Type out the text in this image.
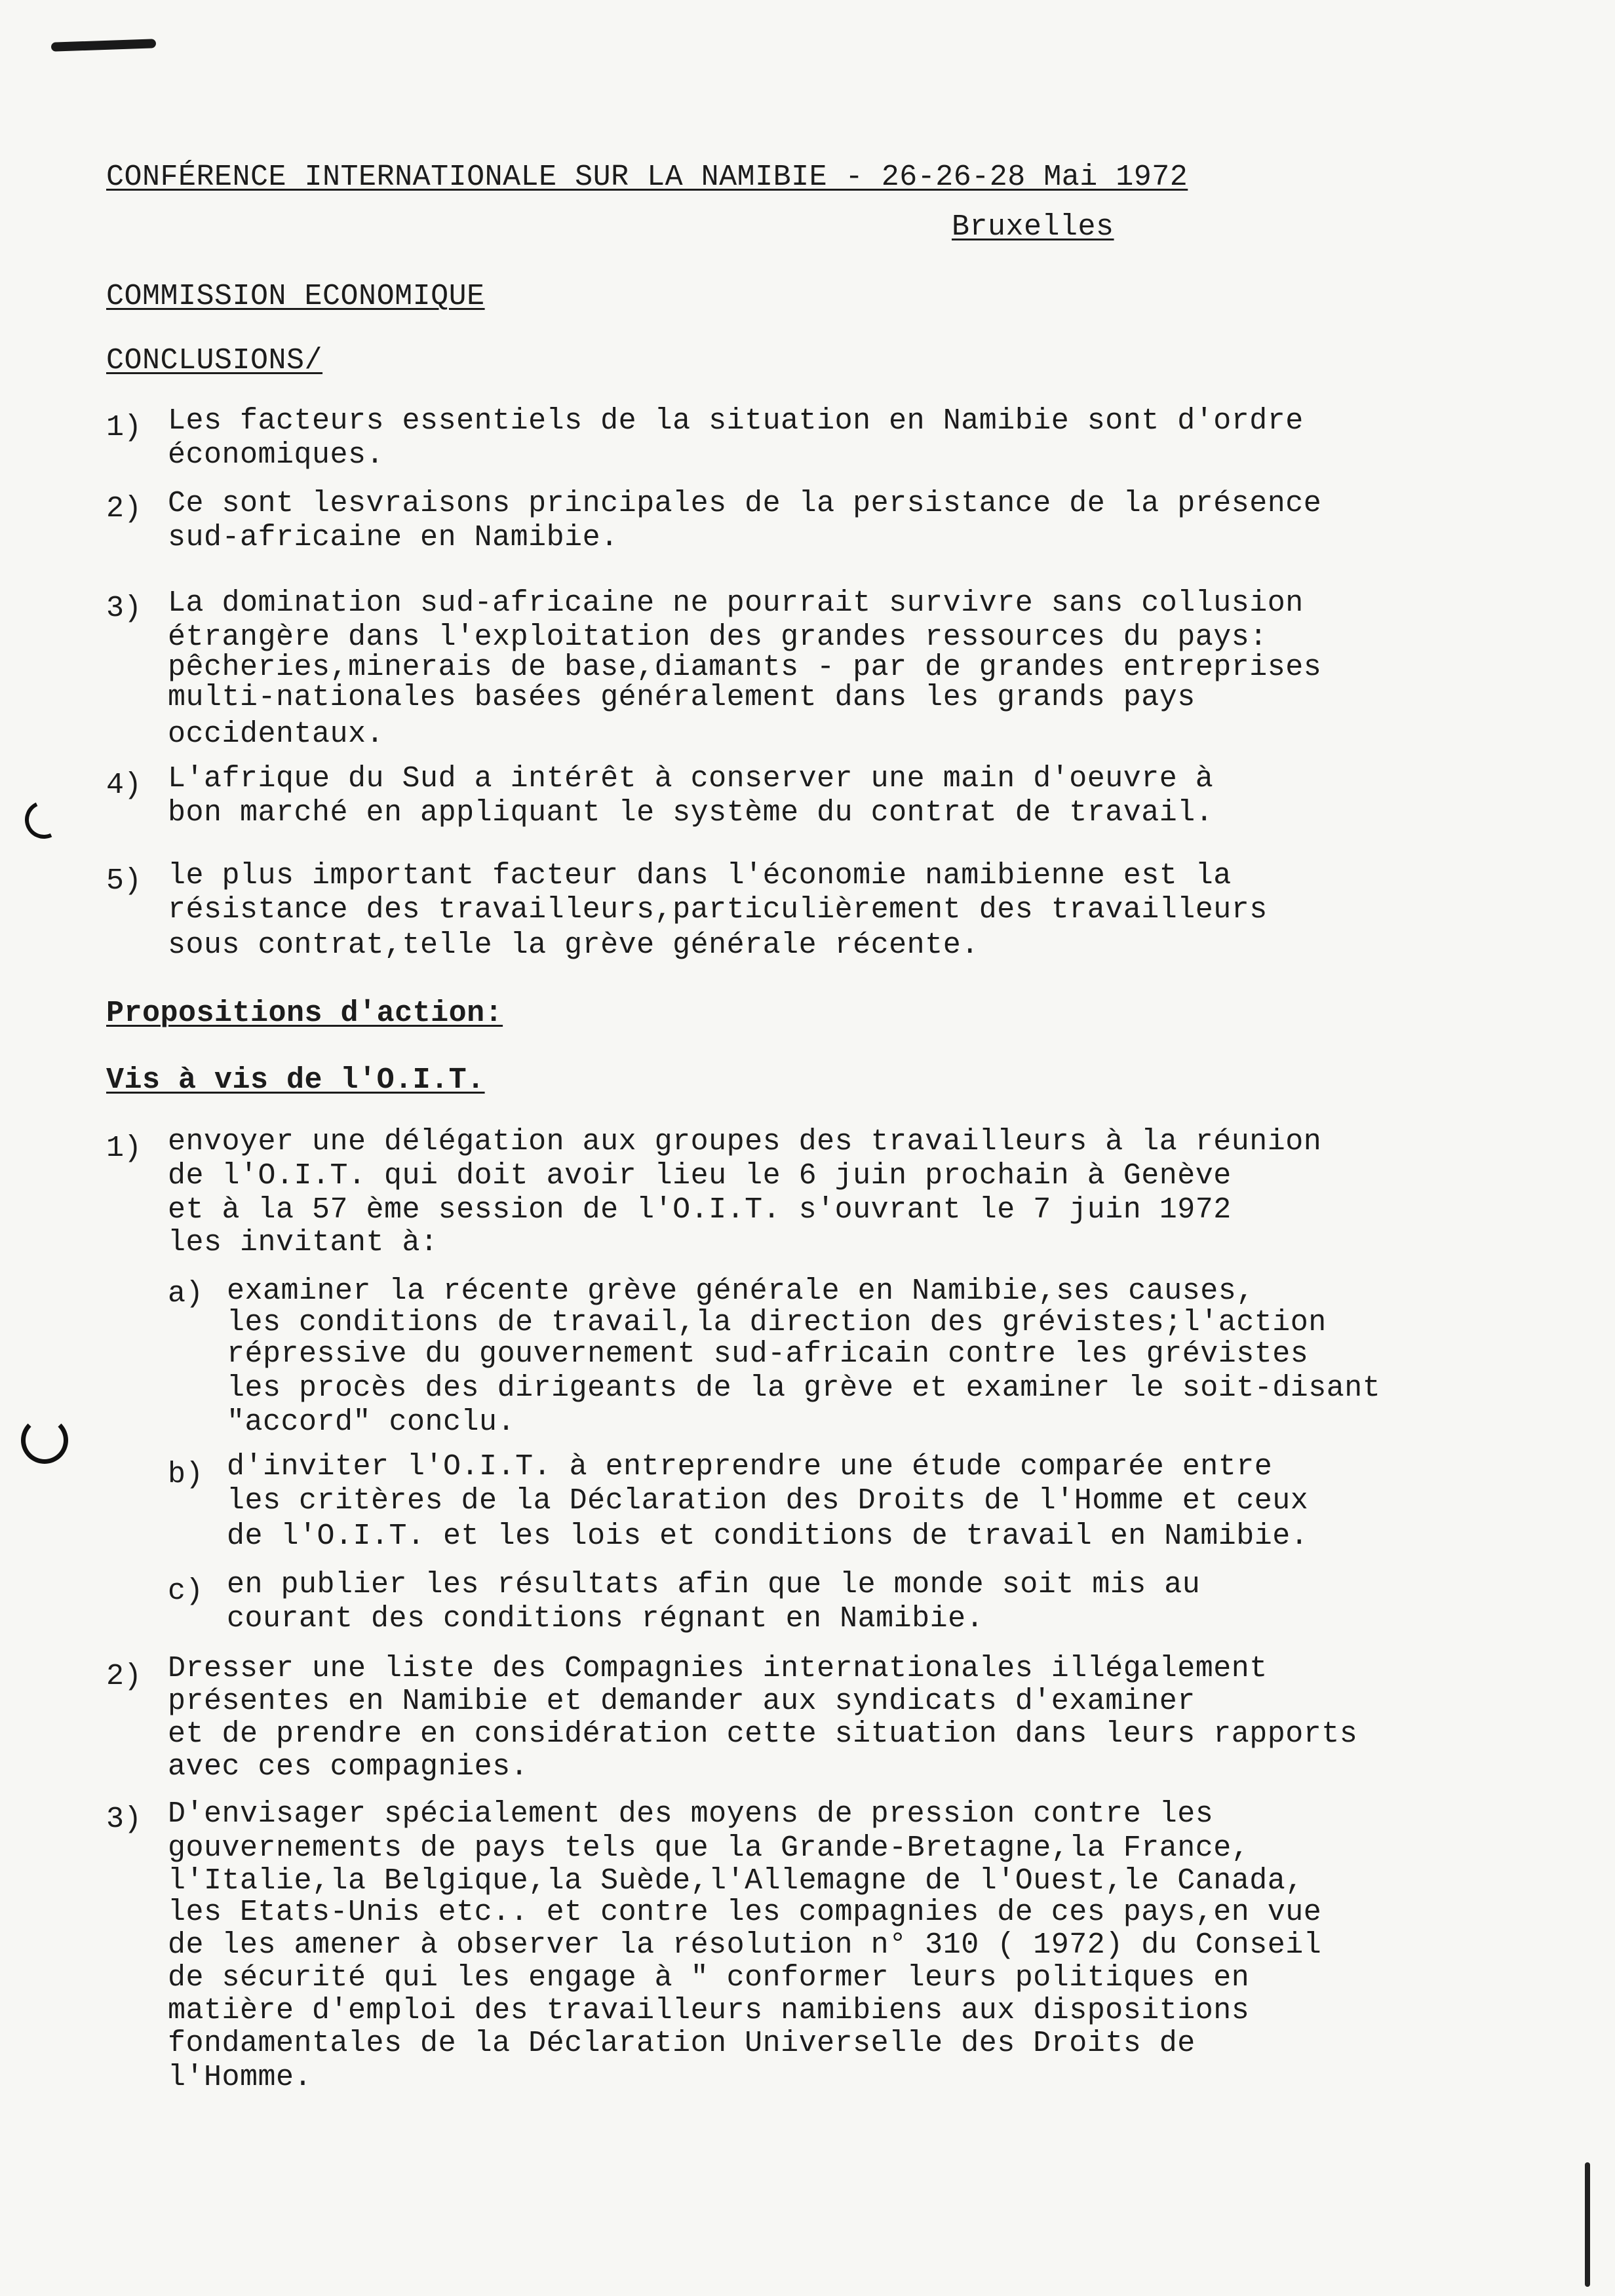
CONFÉRENCE INTERNATIONALE SUR LA NAMIBIE - 26-26-28 Mai 1972
Bruxelles
COMMISSION ECONOMIQUE
CONCLUSIONS/
1) Les facteurs essentiels de la situation en Namibie sont d'ordre
économiques.
2) Ce sont lesvraisons principales de la persistance de la présence
sud-africaine en Namibie.
3) La domination sud-africaine ne pourrait survivre sans collusion
étrangère dans l'exploitation des grandes ressources du pays:
pêcheries,minerais de base,diamants - par de grandes entreprises
multi-nationales basées généralement dans les grands pays
occidentaux.
4) L'afrique du Sud a intérêt à conserver une main d'oeuvre à
bon marché en appliquant le système du contrat de travail.
5) le plus important facteur dans l'économie namibienne est la
résistance des travailleurs,particulièrement des travailleurs
sous contrat,telle la grève générale récente.
Propositions d'action:
Vis à vis de l'O.I.T.
1) envoyer une délégation aux groupes des travailleurs à la réunion
de l'O.I.T. qui doit avoir lieu le 6 juin prochain à Genève
et à la 57 ème session de l'O.I.T. s'ouvrant le 7 juin 1972
les invitant à:
a) examiner la récente grève générale en Namibie,ses causes,
les conditions de travail,la direction des grévistes;l'action
répressive du gouvernement sud-africain contre les grévistes
les procès des dirigeants de la grève et examiner le soit-disant
"accord" conclu.
b) d'inviter l'O.I.T. à entreprendre une étude comparée entre
les critères de la Déclaration des Droits de l'Homme et ceux
de l'O.I.T. et les lois et conditions de travail en Namibie.
c) en publier les résultats afin que le monde soit mis au
courant des conditions régnant en Namibie.
2) Dresser une liste des Compagnies internationales illégalement
présentes en Namibie et demander aux syndicats d'examiner
et de prendre en considération cette situation dans leurs rapports
avec ces compagnies.
3) D'envisager spécialement des moyens de pression contre les
gouvernements de pays tels que la Grande-Bretagne,la France,
l'Italie,la Belgique,la Suède,l'Allemagne de l'Ouest,le Canada,
les Etats-Unis etc.. et contre les compagnies de ces pays,en vue
de les amener à observer la résolution n° 310 ( 1972) du Conseil
de sécurité qui les engage à " conformer leurs politiques en
matière d'emploi des travailleurs namibiens aux dispositions
fondamentales de la Déclaration Universelle des Droits de
l'Homme.
